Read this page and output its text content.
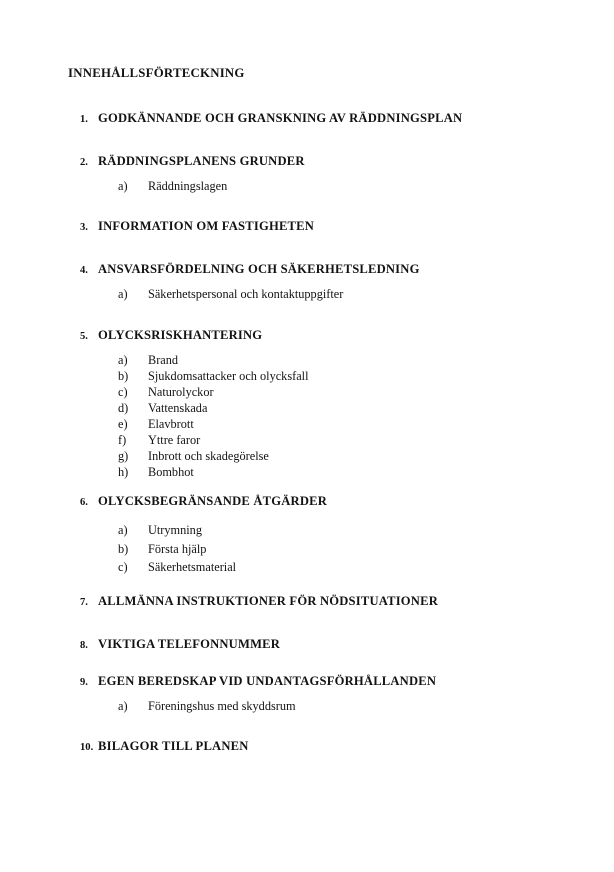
INNEHÅLLSFÖRTECKNING
1. GODKÄNNANDE OCH GRANSKNING AV RÄDDNINGSPLAN
2. RÄDDNINGSPLANENS GRUNDER
a)	Räddningslagen
3. INFORMATION OM FASTIGHETEN
4. ANSVARSFÖRDELNING OCH SÄKERHETSLEDNING
a)	Säkerhetspersonal och kontaktuppgifter
5. OLYCKSRISKHANTERING
a)	Brand
b)	Sjukdomsattacker och olycksfall
c)	Naturolyckor
d)	Vattenskada
e)	Elavbrott
f)	Yttre faror
g)	Inbrott och skadegörelse
h)	Bombhot
6. OLYCKSBEGRÄNSANDE ÅTGÄRDER
a)	Utrymning
b)	Första hjälp
c)	Säkerhetsmaterial
7. ALLMÄNNA INSTRUKTIONER FÖR NÖDSITUATIONER
8. VIKTIGA TELEFONNUMMER
9. EGEN BEREDSKAP VID UNDANTAGSFÖRHÅLLANDEN
a)	Föreningshus med skyddsrum
10. BILAGOR TILL PLANEN
